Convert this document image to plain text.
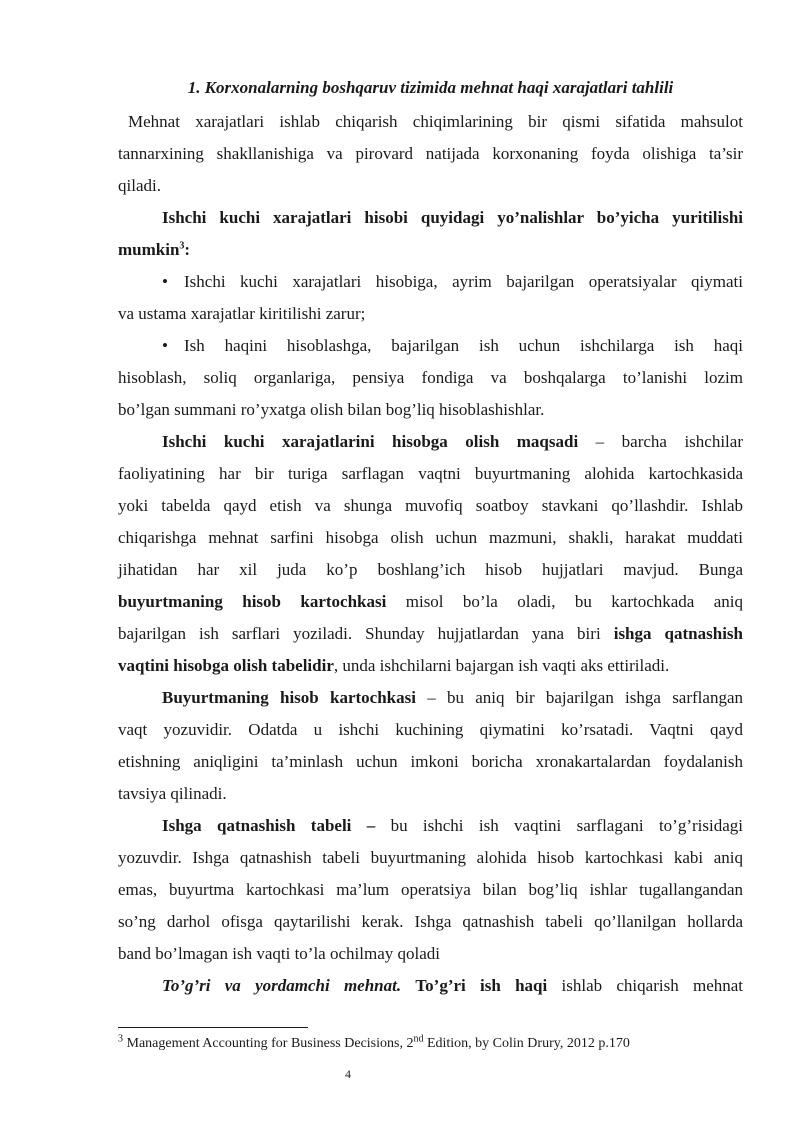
1. Korxonalarning boshqaruv tizimida mehnat haqi xarajatlari tahlili
Mehnat xarajatlari ishlab chiqarish chiqimlarining bir qismi sifatida mahsulot
tannarxining shakllanishiga va pirovard natijada korxonaning foyda olishiga ta’sir
qiladi.
Ishchi kuchi xarajatlari hisobi quyidagi yo’nalishlar bo’yicha yuritilishi
mumkin$^3$:
• Ishchi kuchi xarajatlari hisobiga, ayrim bajarilgan operatsiyalar qiymati
va ustama xarajatlar kiritilishi zarur;
• Ish haqini hisoblashga, bajarilgan ish uchun ishchilarga ish haqi
hisoblash, soliq organlariga, pensiya fondiga va boshqalarga to’lanishi lozim
bo’lgan summani ro’yxatga olish bilan bog’liq hisoblashishlar.
Ishchi kuchi xarajatlarini hisobga olish maqsadi – barcha ishchilar
faoliyatining har bir turiga sarflagan vaqtni buyurtmaning alohida kartochkasida
yoki tabelda qayd etish va shunga muvofiq soatboy stavkani qo’llashdir. Ishlab
chiqarishga mehnat sarfini hisobga olish uchun mazmuni, shakli, harakat muddati
jihatidan har xil juda ko’p boshlang’ich hisob hujjatlari mavjud. Bunga
buyurtmaning hisob kartochkasi misol bo’la oladi, bu kartochkada aniq
bajarilgan ish sarflari yoziladi. Shunday hujjatlardan yana biri ishga qatnashish
vaqtini hisobga olish tabelidir, unda ishchilarni bajargan ish vaqti aks ettiriladi.
Buyurtmaning hisob kartochkasi – bu aniq bir bajarilgan ishga sarflangan
vaqt yozuvidir. Odatda u ishchi kuchining qiymatini ko’rsatadi. Vaqtni qayd
etishning aniqligini ta’minlash uchun imkoni boricha xronakartalardan foydalanish
tavsiya qilinadi.
Ishga qatnashish tabeli – bu ishchi ish vaqtini sarflagani to’g’risidagi
yozuvdir. Ishga qatnashish tabeli buyurtmaning alohida hisob kartochkasi kabi aniq
emas, buyurtma kartochkasi ma’lum operatsiya bilan bog’liq ishlar tugallangandan
so’ng darhol ofisga qaytarilishi kerak. Ishga qatnashish tabeli qo’llanilgan hollarda
band bo’lmagan ish vaqti to’la ochilmay qoladi
To’g’ri va yordamchi mehnat. To’g’ri ish haqi ishlab chiqarish mehnat
$^3$ Management Accounting for Business Decisions, 2nd Edition, by Colin Drury, 2012 p.170
4
